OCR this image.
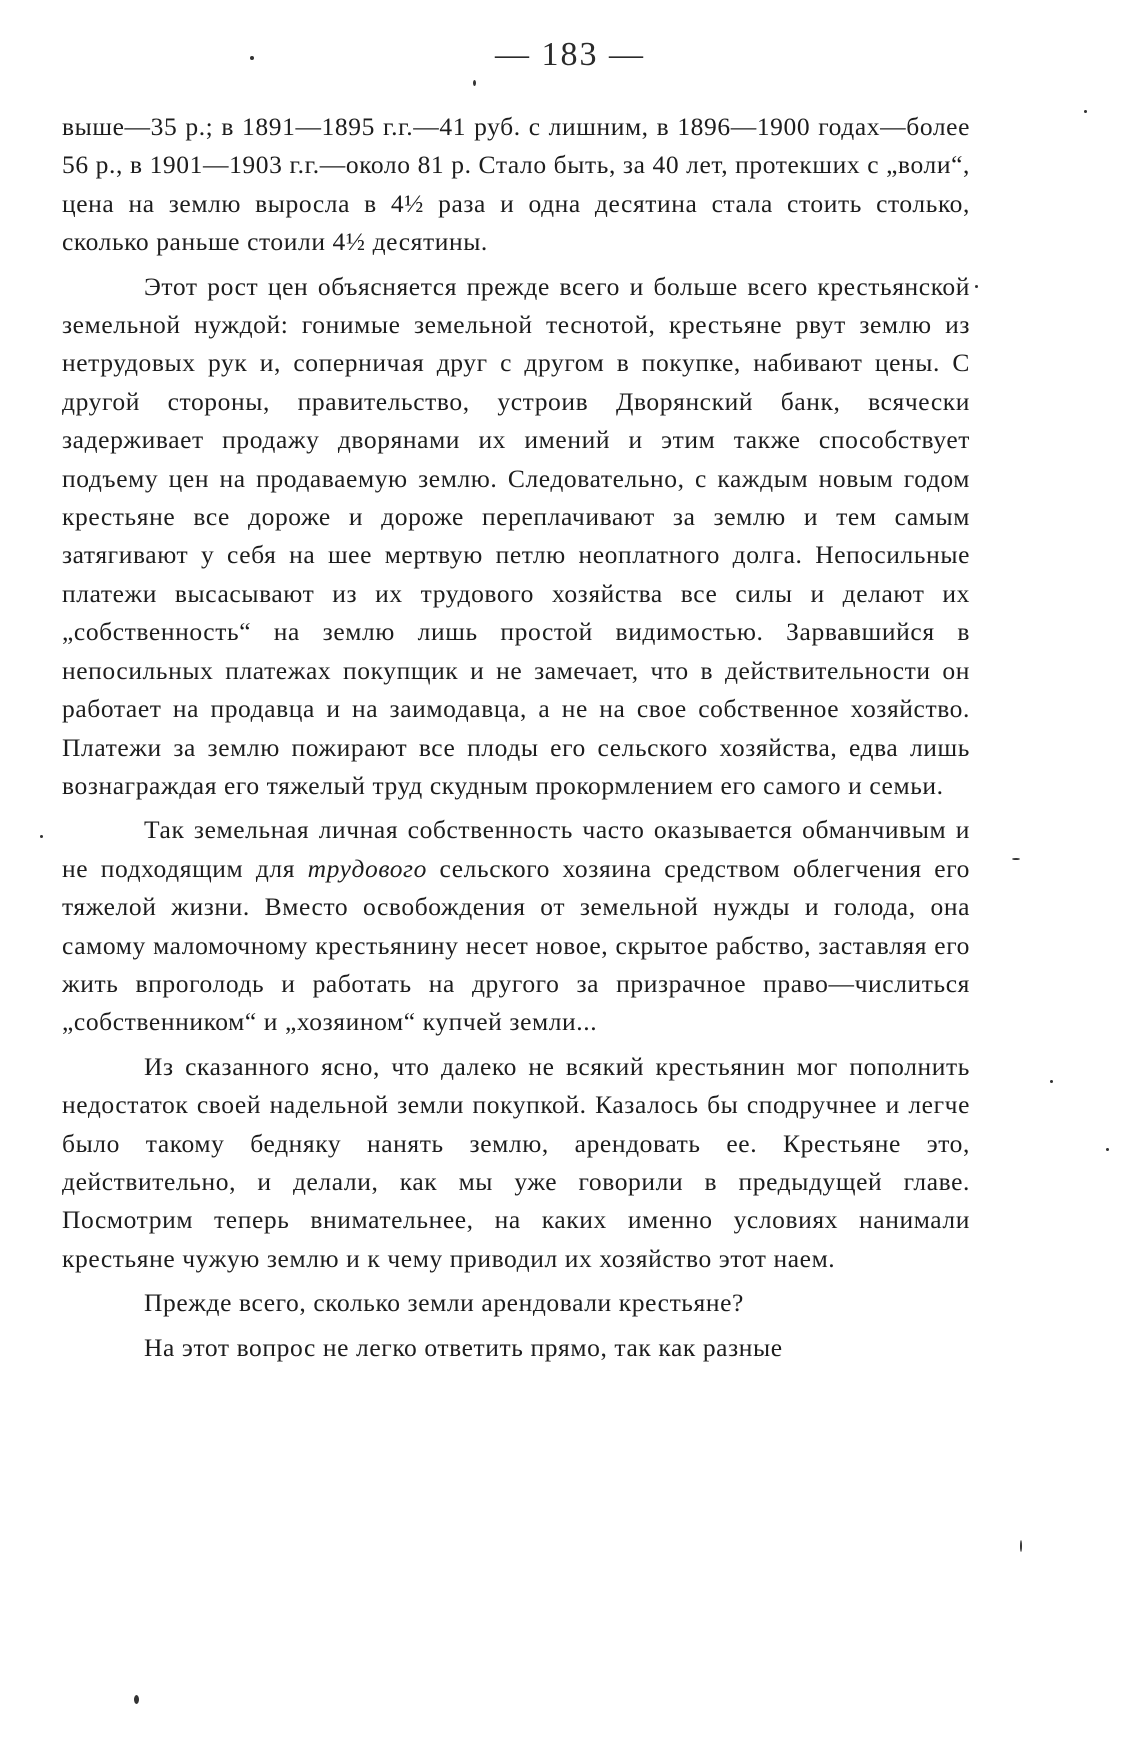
— 183 —

выше—35 р.; в 1891—1895 г.г.—41 руб. с лишним, в 1896—1900 годах—более 56 р., в 1901—1903 г.г.—около 81 р. Стало быть, за 40 лет, протекших с „воли“, цена на землю выросла в 4½ раза и одна десятина стала стоить столько, сколько раньше стоили 4½ десятины.

Этот рост цен объясняется прежде всего и больше всего крестьянской земельной нуждой: гонимые земельной теснотой, крестьяне рвут землю из нетрудовых рук и, соперничая друг с другом в покупке, набивают цены. С другой стороны, правительство, устроив Дворянский банк, всячески задерживает продажу дворянами их имений и этим также способствует подъему цен на продаваемую землю. Следовательно, с каждым новым годом крестьяне все дороже и дороже переплачивают за землю и тем самым затягивают у себя на шее мертвую петлю неоплатного долга. Непосильные платежи высасывают из их трудового хозяйства все силы и делают их „собственность“ на землю лишь простой видимостью. Зарвавшийся в непосильных платежах покупщик и не замечает, что в действительности он работает на продавца и на заимодавца, а не на свое собственное хозяйство. Платежи за землю пожирают все плоды его сельского хозяйства, едва лишь вознаграждая его тяжелый труд скудным прокормлением его самого и семьи.

Так земельная личная собственность часто оказывается обманчивым и не подходящим для трудового сельского хозяина средством облегчения его тяжелой жизни. Вместо освобождения от земельной нужды и голода, она самому маломочному крестьянину несет новое, скрытое рабство, заставляя его жить впроголодь и работать на другого за призрачное право—числиться „собственником“ и „хозяином“ купчей земли...

Из сказанного ясно, что далеко не всякий крестьянин мог пополнить недостаток своей надельной земли покупкой. Казалось бы сподручнее и легче было такому бедняку нанять землю, арендовать ее. Крестьяне это, действительно, и делали, как мы уже говорили в предыдущей главе. Посмотрим теперь внимательнее, на каких именно условиях нанимали крестьяне чужую землю и к чему приводил их хозяйство этот наем.

Прежде всего, сколько земли арендовали крестьяне?

На этот вопрос не легко ответить прямо, так как разные
